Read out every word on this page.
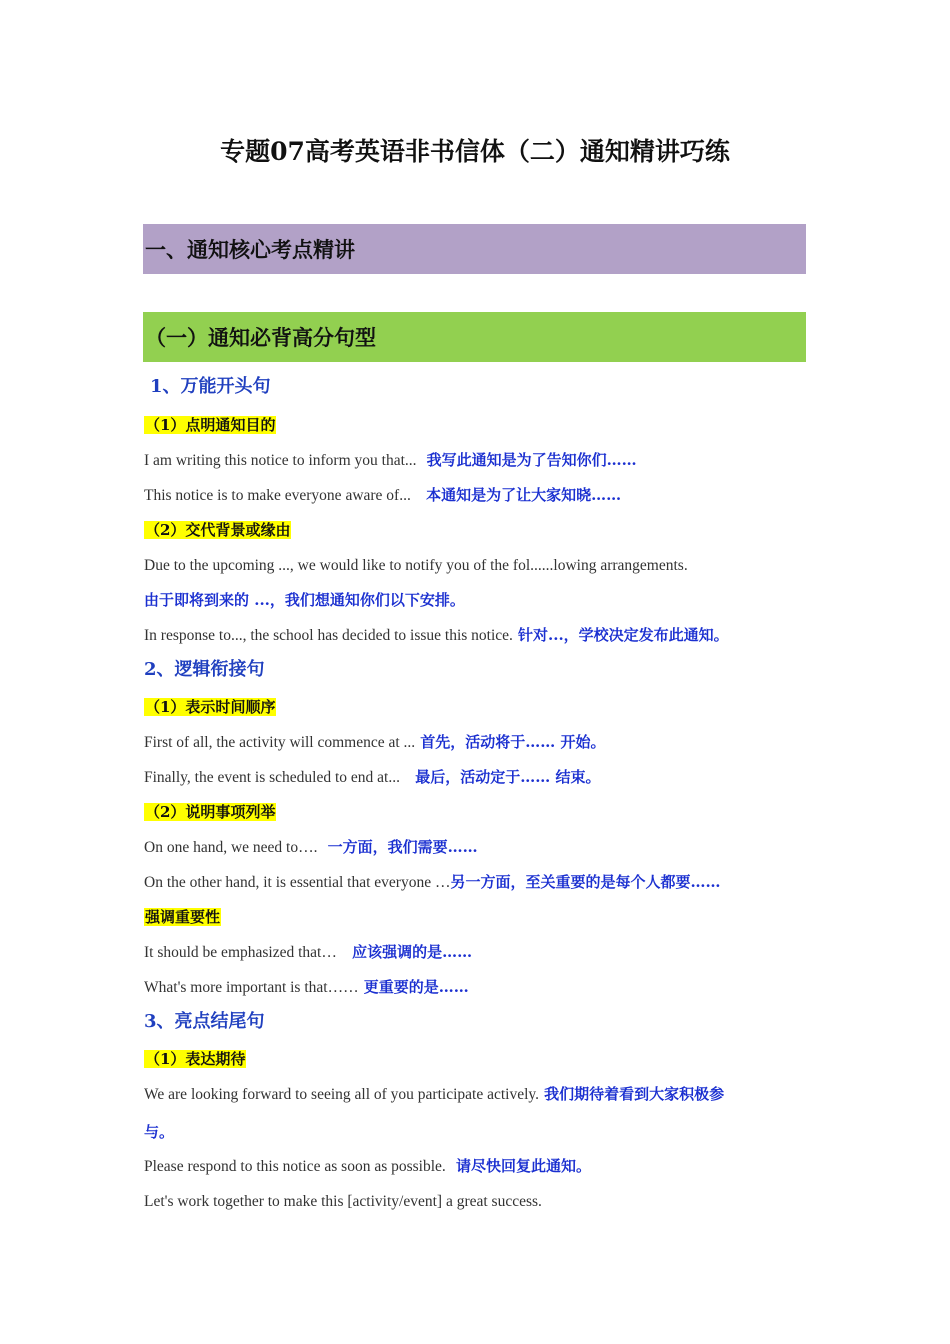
专题07高考英语非书信体（二）通知精讲巧练
一、通知核心考点精讲
（一）通知必背高分句型
1、万能开头句
（1）点明通知目的
I am writing this notice to inform you that... 我写此通知是为了告知你们……
This notice is to make everyone aware of... 本通知是为了让大家知晓……
（2）交代背景或缘由
Due to the upcoming ..., we would like to notify you of the fol......lowing arrangements.
由于即将到来的 ...，我们想通知你们以下安排。
In response to..., the school has decided to issue this notice. 针对...，学校决定发布此通知。
2、逻辑衔接句
（1）表示时间顺序
First of all, the activity will commence at ... 首先，活动将于…… 开始。
Finally, the event is scheduled to end at... 最后，活动定于…… 结束。
（2）说明事项列举
On one hand, we need to…. 一方面，我们需要……
On the other hand, it is essential that everyone …另一方面，至关重要的是每个人都要……
强调重要性
It should be emphasized that… 应该强调的是……
What's more important is that…… 更重要的是……
3、亮点结尾句
（1）表达期待
We are looking forward to seeing all of you participate actively. 我们期待着看到大家积极参
与。
Please respond to this notice as soon as possible. 请尽快回复此通知。
Let's work together to make this [activity/event] a great success.
